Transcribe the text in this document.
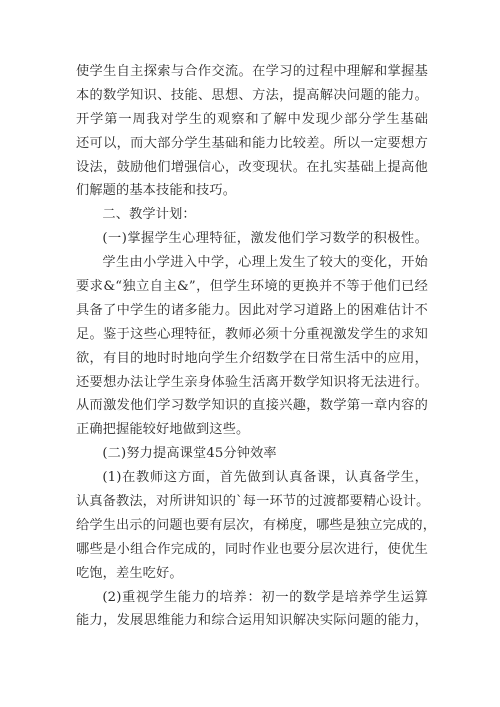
使学生自主探索与合作交流。在学习的过程中理解和掌握基
本的数学知识、技能、思想、方法，提高解决问题的能力。
开学第一周我对学生的观察和了解中发现少部分学生基础
还可以，而大部分学生基础和能力比较差。所以一定要想方
设法，鼓励他们增强信心，改变现状。在扎实基础上提高他
们解题的基本技能和技巧。
二、教学计划：
(一)掌握学生心理特征，激发他们学习数学的积极性。
学生由小学进入中学，心理上发生了较大的变化，开始
要求&“独立自主&”，但学生环境的更换并不等于他们已经
具备了中学生的诸多能力。因此对学习道路上的困难估计不
足。鉴于这些心理特征，教师必须十分重视激发学生的求知
欲，有目的地时时地向学生介绍数学在日常生活中的应用，
还要想办法让学生亲身体验生活离开数学知识将无法进行。
从而激发他们学习数学知识的直接兴趣，数学第一章内容的
正确把握能较好地做到这些。
(二)努力提高课堂45分钟效率
(1)在教师这方面，首先做到认真备课，认真备学生，
认真备教法，对所讲知识的`每一环节的过渡都要精心设计。
给学生出示的问题也要有层次，有梯度，哪些是独立完成的，
哪些是小组合作完成的，同时作业也要分层次进行，使优生
吃饱，差生吃好。
(2)重视学生能力的培养：初一的数学是培养学生运算
能力，发展思维能力和综合运用知识解决实际问题的能力，
